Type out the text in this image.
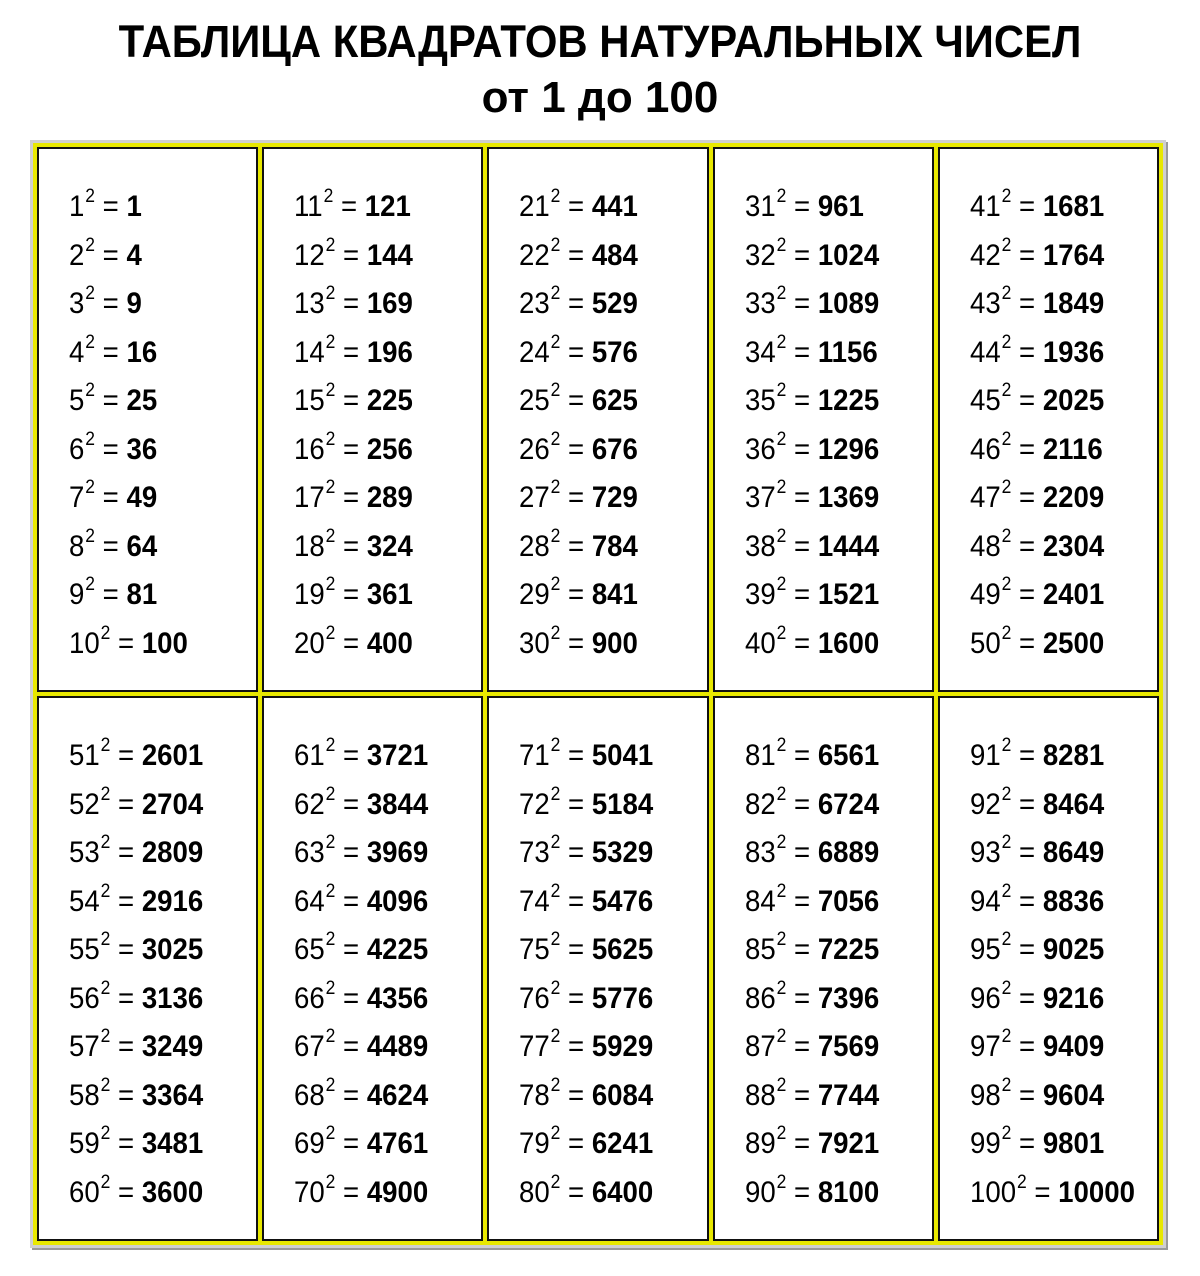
ТАБЛИЦА КВАДРАТОВ НАТУРАЛЬНЫХ ЧИСЕЛ
от 1 до 100
$1^2 = 1$
$2^2 = 4$
$3^2 = 9$
$4^2 = 16$
$5^2 = 25$
$6^2 = 36$
$7^2 = 49$
$8^2 = 64$
$9^2 = 81$
$10^2 = 100$
$11^2 = 121$
$12^2 = 144$
$13^2 = 169$
$14^2 = 196$
$15^2 = 225$
$16^2 = 256$
$17^2 = 289$
$18^2 = 324$
$19^2 = 361$
$20^2 = 400$
$21^2 = 441$
$22^2 = 484$
$23^2 = 529$
$24^2 = 576$
$25^2 = 625$
$26^2 = 676$
$27^2 = 729$
$28^2 = 784$
$29^2 = 841$
$30^2 = 900$
$31^2 = 961$
$32^2 = 1024$
$33^2 = 1089$
$34^2 = 1156$
$35^2 = 1225$
$36^2 = 1296$
$37^2 = 1369$
$38^2 = 1444$
$39^2 = 1521$
$40^2 = 1600$
$41^2 = 1681$
$42^2 = 1764$
$43^2 = 1849$
$44^2 = 1936$
$45^2 = 2025$
$46^2 = 2116$
$47^2 = 2209$
$48^2 = 2304$
$49^2 = 2401$
$50^2 = 2500$
$51^2 = 2601$
$52^2 = 2704$
$53^2 = 2809$
$54^2 = 2916$
$55^2 = 3025$
$56^2 = 3136$
$57^2 = 3249$
$58^2 = 3364$
$59^2 = 3481$
$60^2 = 3600$
$61^2 = 3721$
$62^2 = 3844$
$63^2 = 3969$
$64^2 = 4096$
$65^2 = 4225$
$66^2 = 4356$
$67^2 = 4489$
$68^2 = 4624$
$69^2 = 4761$
$70^2 = 4900$
$71^2 = 5041$
$72^2 = 5184$
$73^2 = 5329$
$74^2 = 5476$
$75^2 = 5625$
$76^2 = 5776$
$77^2 = 5929$
$78^2 = 6084$
$79^2 = 6241$
$80^2 = 6400$
$81^2 = 6561$
$82^2 = 6724$
$83^2 = 6889$
$84^2 = 7056$
$85^2 = 7225$
$86^2 = 7396$
$87^2 = 7569$
$88^2 = 7744$
$89^2 = 7921$
$90^2 = 8100$
$91^2 = 8281$
$92^2 = 8464$
$93^2 = 8649$
$94^2 = 8836$
$95^2 = 9025$
$96^2 = 9216$
$97^2 = 9409$
$98^2 = 9604$
$99^2 = 9801$
$100^2 = 10000$
